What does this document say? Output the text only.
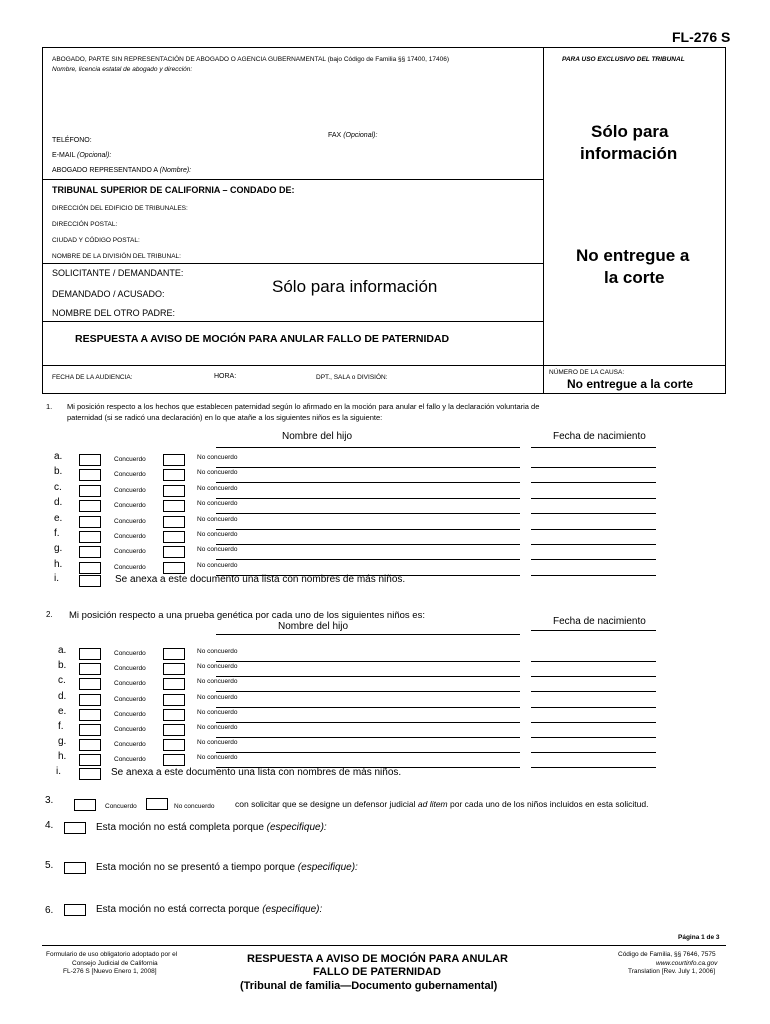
FL-276 S
ABOGADO, PARTE SIN REPRESENTACIÓN DE ABOGADO O AGENCIA GUBERNAMENTAL (bajo Código de Familia §§ 17400, 17406)
Nombre, licencia estatal de abogado y dirección:
PARA USO EXCLUSIVO DEL TRIBUNAL
TELÉFONO:
FAX (Opcional):
E-MAIL (Opcional):
ABOGADO REPRESENTANDO A (Nombre):
TRIBUNAL SUPERIOR DE CALIFORNIA – CONDADO DE:
DIRECCIÓN DEL EDIFICIO DE TRIBUNALES:
DIRECCIÓN POSTAL:
CIUDAD Y CÓDIGO POSTAL:
NOMBRE DE LA DIVISIÓN DEL TRIBUNAL:
SOLICITANTE / DEMANDANTE:
DEMANDADO / ACUSADO:
NOMBRE DEL OTRO PADRE:
Sólo para información
Sólo para
información
No entregue a
la corte
RESPUESTA A AVISO DE MOCIÓN PARA ANULAR FALLO DE PATERNIDAD
FECHA DE LA AUDIENCIA:	HORA:	DPT., SALA o DIVISIÓN:
NÚMERO DE LA CAUSA:
No entregue a la corte
1. Mi posición respecto a los hechos que establecen paternidad según lo afirmado en la moción para anular el fallo y la declaración voluntaria de
paternidad (si se radicó una declaración) en lo que atañe a los siguientes niños es la siguiente:
Nombre del hijo	Fecha de nacimiento
a.	Concuerdo	No concuerdo
b.	Concuerdo	No concuerdo
c.	Concuerdo	No concuerdo
d.	Concuerdo	No concuerdo
e.	Concuerdo	No concuerdo
f.	Concuerdo	No concuerdo
g.	Concuerdo	No concuerdo
h.	Concuerdo	No concuerdo
i.	Se anexa a este documento una lista con nombres de más niños.
2. Mi posición respecto a una prueba genética por cada uno de los siguientes niños es:
Nombre del hijo	Fecha de nacimiento
a.	Concuerdo	No concuerdo
b.	Concuerdo	No concuerdo
c.	Concuerdo	No concuerdo
d.	Concuerdo	No concuerdo
e.	Concuerdo	No concuerdo
f.	Concuerdo	No concuerdo
g.	Concuerdo	No concuerdo
h.	Concuerdo	No concuerdo
i.	Se anexa a este documento una lista con nombres de más niños.
3.
Concuerdo	No concuerdo con solicitar que se designe un defensor judicial ad litem por cada uno de los niños incluidos en esta solicitud.
4.	Esta moción no está completa porque (especifique):
5.	Esta moción no se presentó a tiempo porque (especifique):
6.	Esta moción no está correcta porque (especifique):
Página 1 de 3
Formulario de uso obligatorio adoptado por el
Consejo Judicial de California
FL-276 S [Nuevo Enero 1, 2008]
RESPUESTA A AVISO DE MOCIÓN PARA ANULAR
FALLO DE PATERNIDAD
(Tribunal de familia—Documento gubernamental)
Código de Familia, §§ 7646, 7575
www.courtinfo.ca.gov
Translation [Rev. July 1, 2006]
